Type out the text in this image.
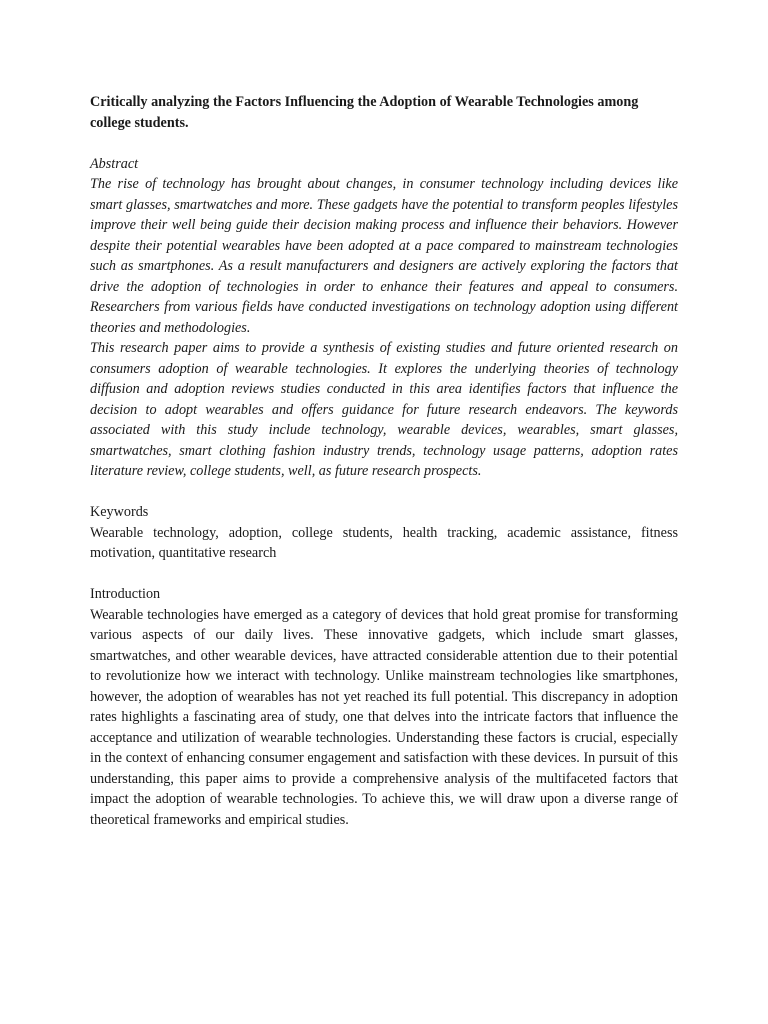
Critically analyzing the Factors Influencing the Adoption of Wearable Technologies among college students.

Abstract

The rise of technology has brought about changes, in consumer technology including devices like smart glasses, smartwatches and more. These gadgets have the potential to transform peoples lifestyles improve their well being guide their decision making process and influence their behaviors. However despite their potential wearables have been adopted at a pace compared to mainstream technologies such as smartphones. As a result manufacturers and designers are actively exploring the factors that drive the adoption of technologies in order to enhance their features and appeal to consumers. Researchers from various fields have conducted investigations on technology adoption using different theories and methodologies.

This research paper aims to provide a synthesis of existing studies and future oriented research on consumers adoption of wearable technologies. It explores the underlying theories of technology diffusion and adoption reviews studies conducted in this area identifies factors that influence the decision to adopt wearables and offers guidance for future research endeavors. The keywords associated with this study include technology, wearable devices, wearables, smart glasses, smartwatches, smart clothing fashion industry trends, technology usage patterns, adoption rates literature review, college students, well, as future research prospects.

Keywords

Wearable technology, adoption, college students, health tracking, academic assistance, fitness motivation, quantitative research

Introduction

Wearable technologies have emerged as a category of devices that hold great promise for transforming various aspects of our daily lives. These innovative gadgets, which include smart glasses, smartwatches, and other wearable devices, have attracted considerable attention due to their potential to revolutionize how we interact with technology. Unlike mainstream technologies like smartphones, however, the adoption of wearables has not yet reached its full potential. This discrepancy in adoption rates highlights a fascinating area of study, one that delves into the intricate factors that influence the acceptance and utilization of wearable technologies. Understanding these factors is crucial, especially in the context of enhancing consumer engagement and satisfaction with these devices. In pursuit of this understanding, this paper aims to provide a comprehensive analysis of the multifaceted factors that impact the adoption of wearable technologies. To achieve this, we will draw upon a diverse range of theoretical frameworks and empirical studies.
